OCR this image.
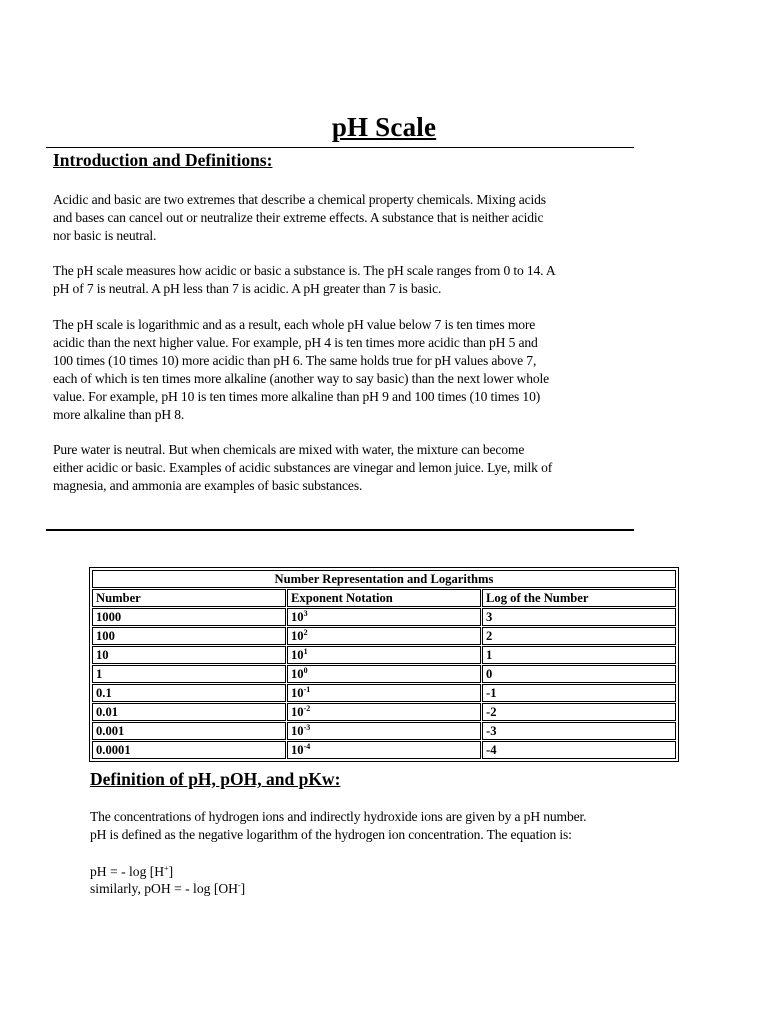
pH Scale
Introduction and Definitions:

Acidic and basic are two extremes that describe a chemical property chemicals. Mixing acids
and bases can cancel out or neutralize their extreme effects. A substance that is neither acidic
nor basic is neutral.

The pH scale measures how acidic or basic a substance is. The pH scale ranges from 0 to 14. A
pH of 7 is neutral. A pH less than 7 is acidic. A pH greater than 7 is basic.

The pH scale is logarithmic and as a result, each whole pH value below 7 is ten times more
acidic than the next higher value. For example, pH 4 is ten times more acidic than pH 5 and
100 times (10 times 10) more acidic than pH 6. The same holds true for pH values above 7,
each of which is ten times more alkaline (another way to say basic) than the next lower whole
value. For example, pH 10 is ten times more alkaline than pH 9 and 100 times (10 times 10)
more alkaline than pH 8.

Pure water is neutral. But when chemicals are mixed with water, the mixture can become
either acidic or basic. Examples of acidic substances are vinegar and lemon juice. Lye, milk of
magnesia, and ammonia are examples of basic substances.

Number Representation and Logarithms		
Number	Exponent Notation	Log of the Number
1000	$10^3$	3
100	$10^2$	2
10	$10^1$	1
1	$10^0$	0
0.1	$10^{-1}$	-1
0.01	$10^{-2}$	-2
0.001	$10^{-3}$	-3
0.0001	$10^{-4}$	-4
Definition of pH, pOH, and pKw:

The concentrations of hydrogen ions and indirectly hydroxide ions are given by a pH number.
pH is defined as the negative logarithm of the hydrogen ion concentration. The equation is:

pH = - log [H+]

similarly, pOH = - log [OH-]
